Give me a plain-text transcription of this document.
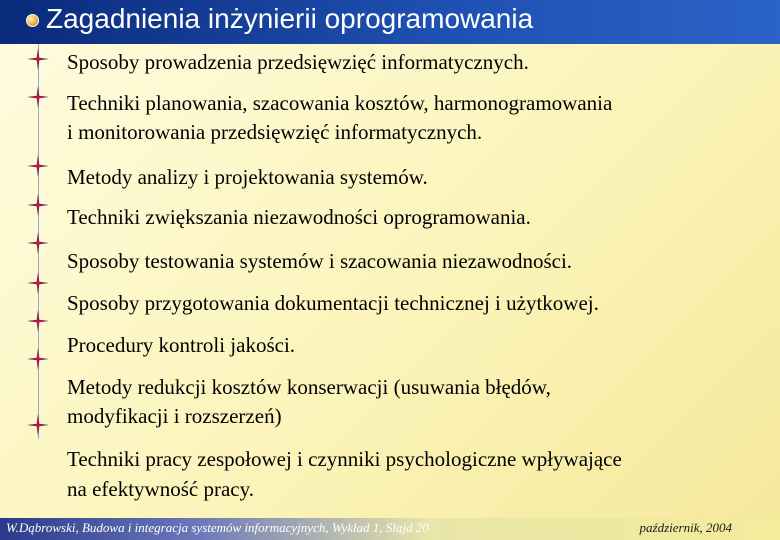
Zagadnienia inżynierii oprogramowania
Sposoby prowadzenia przedsięwzięć informatycznych.
Techniki planowania, szacowania kosztów, harmonogramowania
i monitorowania przedsięwzięć informatycznych.
Metody analizy i projektowania systemów.
Techniki zwiększania niezawodności oprogramowania.
Sposoby testowania systemów i szacowania niezawodności.
Sposoby przygotowania dokumentacji technicznej i użytkowej.
Procedury kontroli jakości.
Metody redukcji kosztów konserwacji (usuwania błędów,
modyfikacji i rozszerzeń)
Techniki pracy zespołowej i czynniki psychologiczne wpływające
na efektywność pracy.
W.Dąbrowski, Budowa i integracja systemów informacyjnych, Wykład 1, Slajd 20	październik, 2004
